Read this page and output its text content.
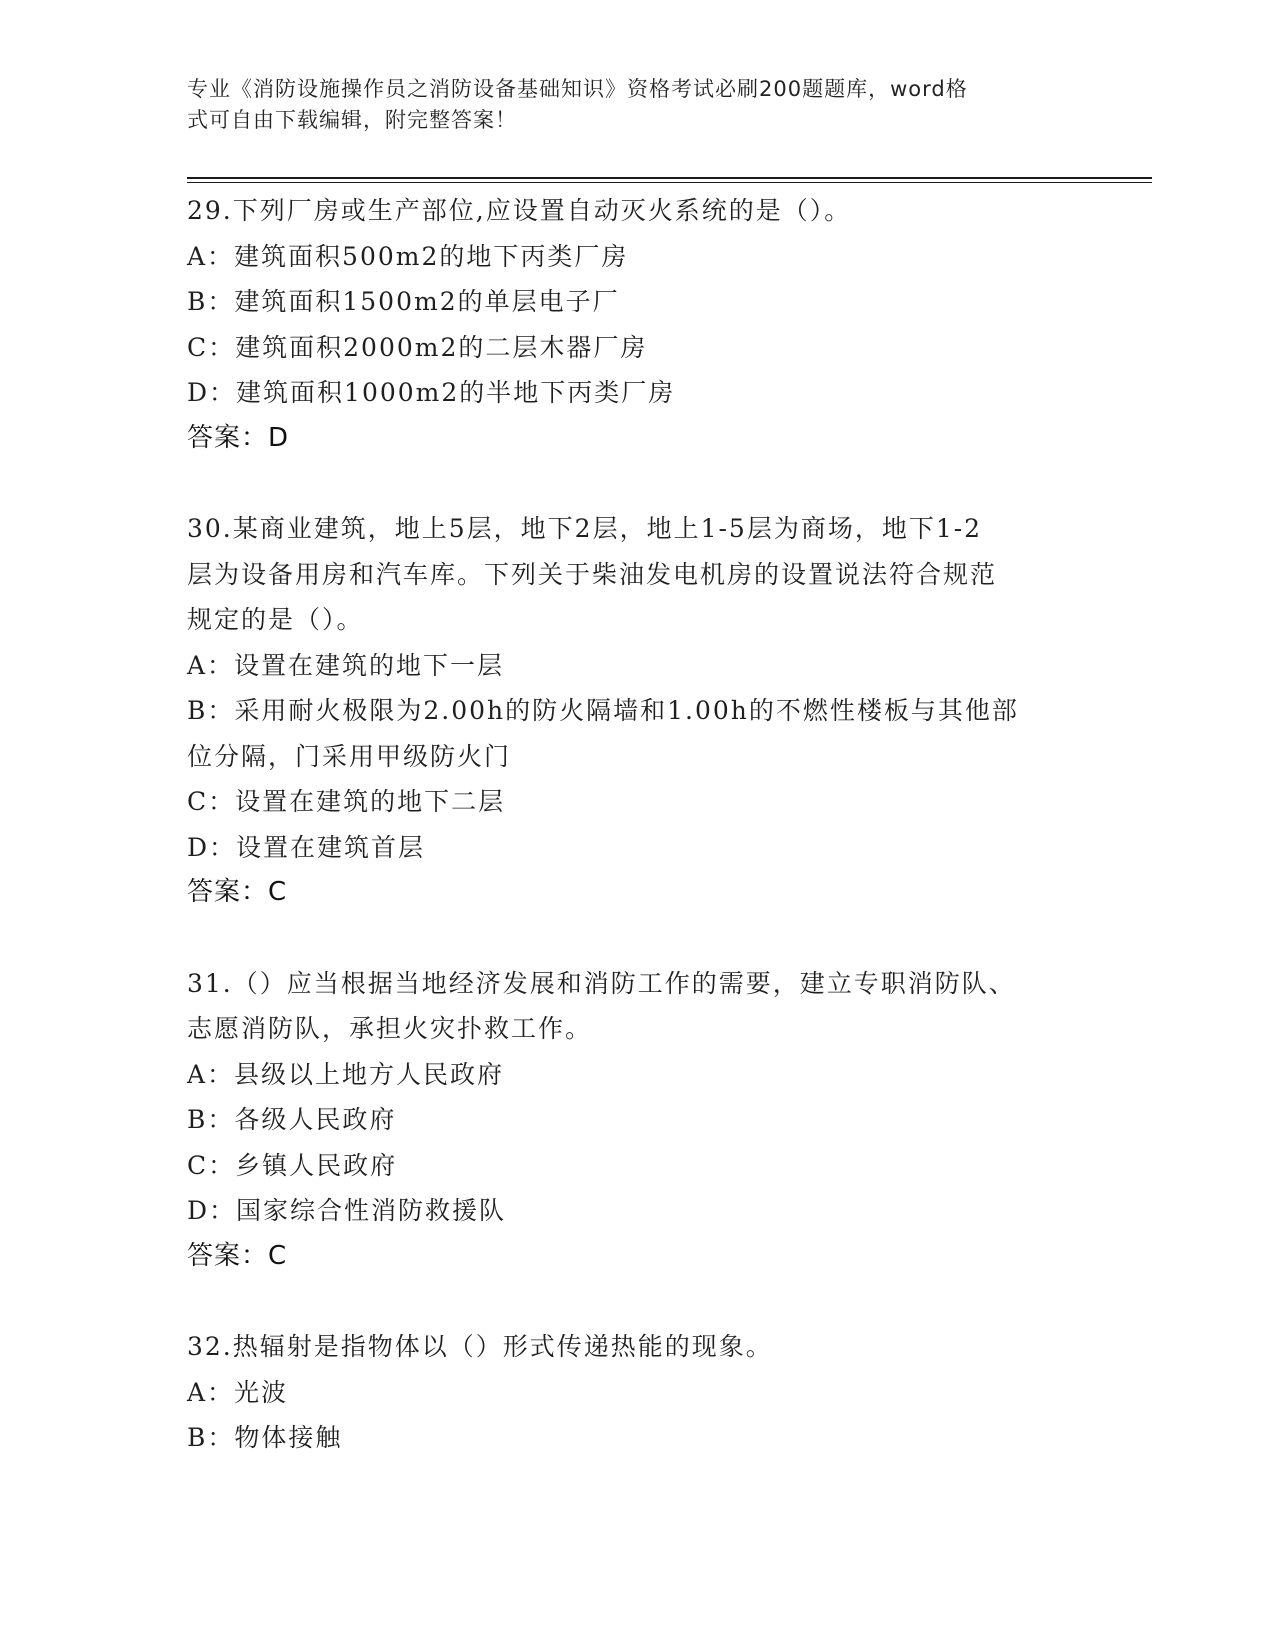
专业《消防设施操作员之消防设备基础知识》资格考试必刷200题题库，word格
式可自由下载编辑，附完整答案！
29.下列厂房或生产部位,应设置自动灭火系统的是（）。
A：建筑面积500m2的地下丙类厂房
B：建筑面积1500m2的单层电子厂
C：建筑面积2000m2的二层木器厂房
D：建筑面积1000m2的半地下丙类厂房
答案：D
30.某商业建筑，地上5层，地下2层，地上1-5层为商场，地下1-2
层为设备用房和汽车库。下列关于柴油发电机房的设置说法符合规范
规定的是（）。
A：设置在建筑的地下一层
B：采用耐火极限为2.00h的防火隔墙和1.00h的不燃性楼板与其他部
位分隔，门采用甲级防火门
C：设置在建筑的地下二层
D：设置在建筑首层
答案：C
31.（）应当根据当地经济发展和消防工作的需要，建立专职消防队、
志愿消防队，承担火灾扑救工作。
A：县级以上地方人民政府
B：各级人民政府
C：乡镇人民政府
D：国家综合性消防救援队
答案：C
32.热辐射是指物体以（）形式传递热能的现象。
A：光波
B：物体接触
